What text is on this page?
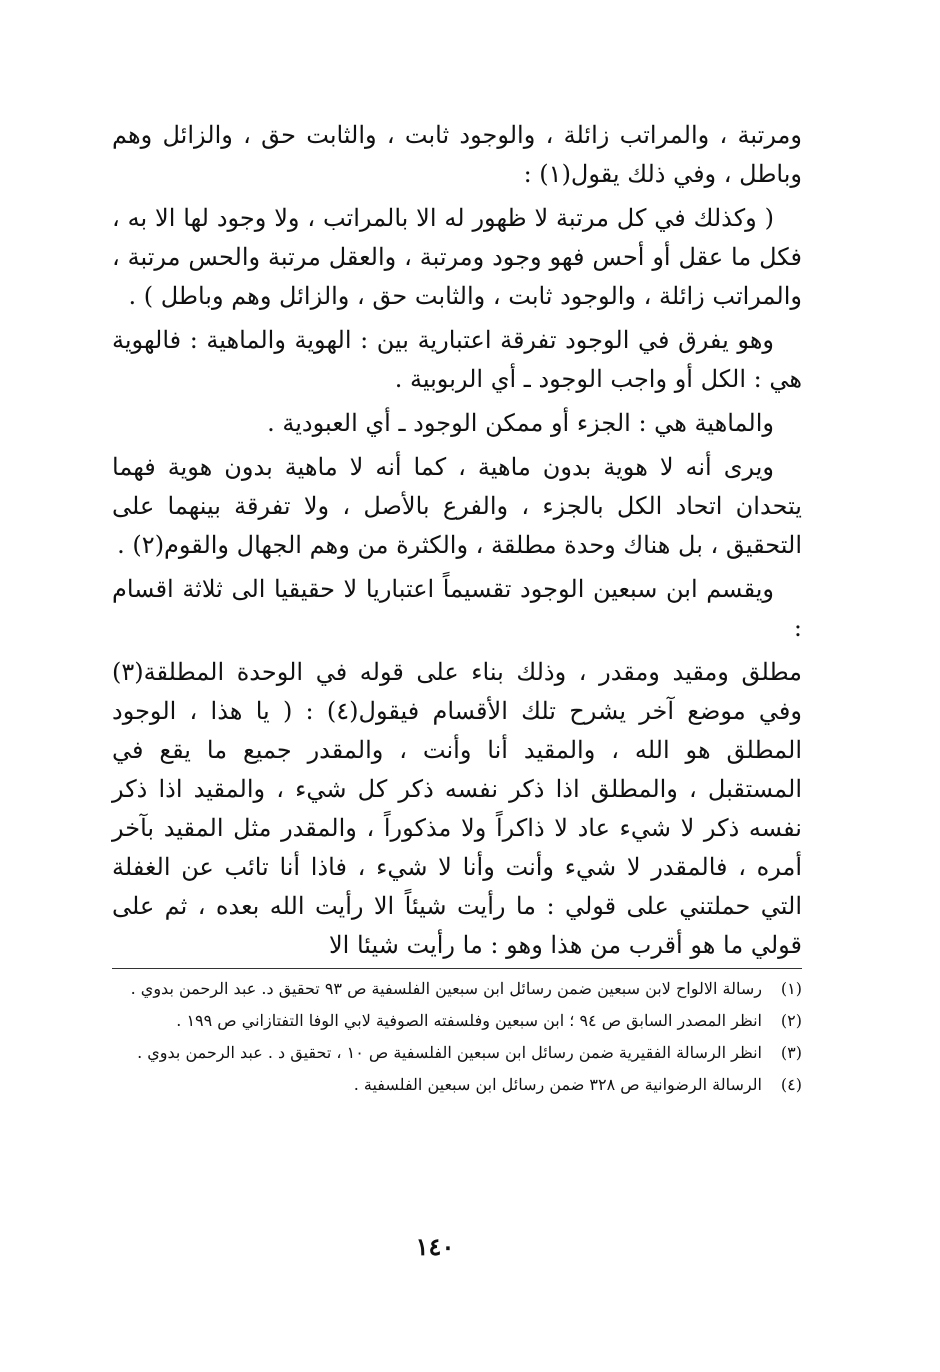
ومرتبة ، والمراتب زائلة ، والوجود ثابت ، والثابت حق ، والزائل وهم وباطل ، وفي ذلك يقول(١) :

( وكذلك في كل مرتبة لا ظهور له الا بالمراتب ، ولا وجود لها الا به ، فكل ما عقل أو أحس فهو وجود ومرتبة ، والعقل مرتبة والحس مرتبة ، والمراتب زائلة ، والوجود ثابت ، والثابت حق ، والزائل وهم وباطل ) .

وهو يفرق في الوجود تفرقة اعتبارية بين : الهوية والماهية : فالهوية هي : الكل أو واجب الوجود ـ أي الربوبية .

والماهية هي : الجزء أو ممكن الوجود ـ أي العبودية .

ويرى أنه لا هوية بدون ماهية ، كما أنه لا ماهية بدون هوية فهما يتحدان اتحاد الكل بالجزء ، والفرع بالأصل ، ولا تفرقة بينهما على التحقيق ، بل هناك وحدة مطلقة ، والكثرة من وهم الجهال والقوم(٢) .

ويقسم ابن سبعين الوجود تقسيماً اعتباريا لا حقيقيا الى ثلاثة اقسام :

مطلق ومقيد ومقدر ، وذلك بناء على قوله في الوحدة المطلقة(٣) وفي موضع آخر يشرح تلك الأقسام فيقول(٤) : ( يا هذا ، الوجود المطلق هو الله ، والمقيد أنا وأنت ، والمقدر جميع ما يقع في المستقبل ، والمطلق اذا ذكر نفسه ذكر كل شيء ، والمقيد اذا ذكر نفسه ذكر لا شيء عاد لا ذاكراً ولا مذكوراً ، والمقدر مثل المقيد بآخر أمره ، فالمقدر لا شيء وأنت وأنا لا شيء ، فاذا أنا تائب عن الغفلة التي حملتني على قولي : ما رأيت شيئاً الا رأيت الله بعده ، ثم على قولي ما هو أقرب من هذا وهو : ما رأيت شيئا الا

(١)
رسالة الالواح لابن سبعين ضمن رسائل ابن سبعين الفلسفية ص ٩٣ تحقيق د. عبد الرحمن بدوي .
(٢)
انظر المصدر السابق ص ٩٤ ؛ ابن سبعين وفلسفته الصوفية لابي الوفا التفتازاني ص ١٩٩ .
(٣)
انظر الرسالة الفقيرية ضمن رسائل ابن سبعين الفلسفية ص ١٠ ، تحقيق د . عبد الرحمن بدوي .
(٤)
الرسالة الرضوانية ص ٣٢٨ ضمن رسائل ابن سبعين الفلسفية .
١٤٠
